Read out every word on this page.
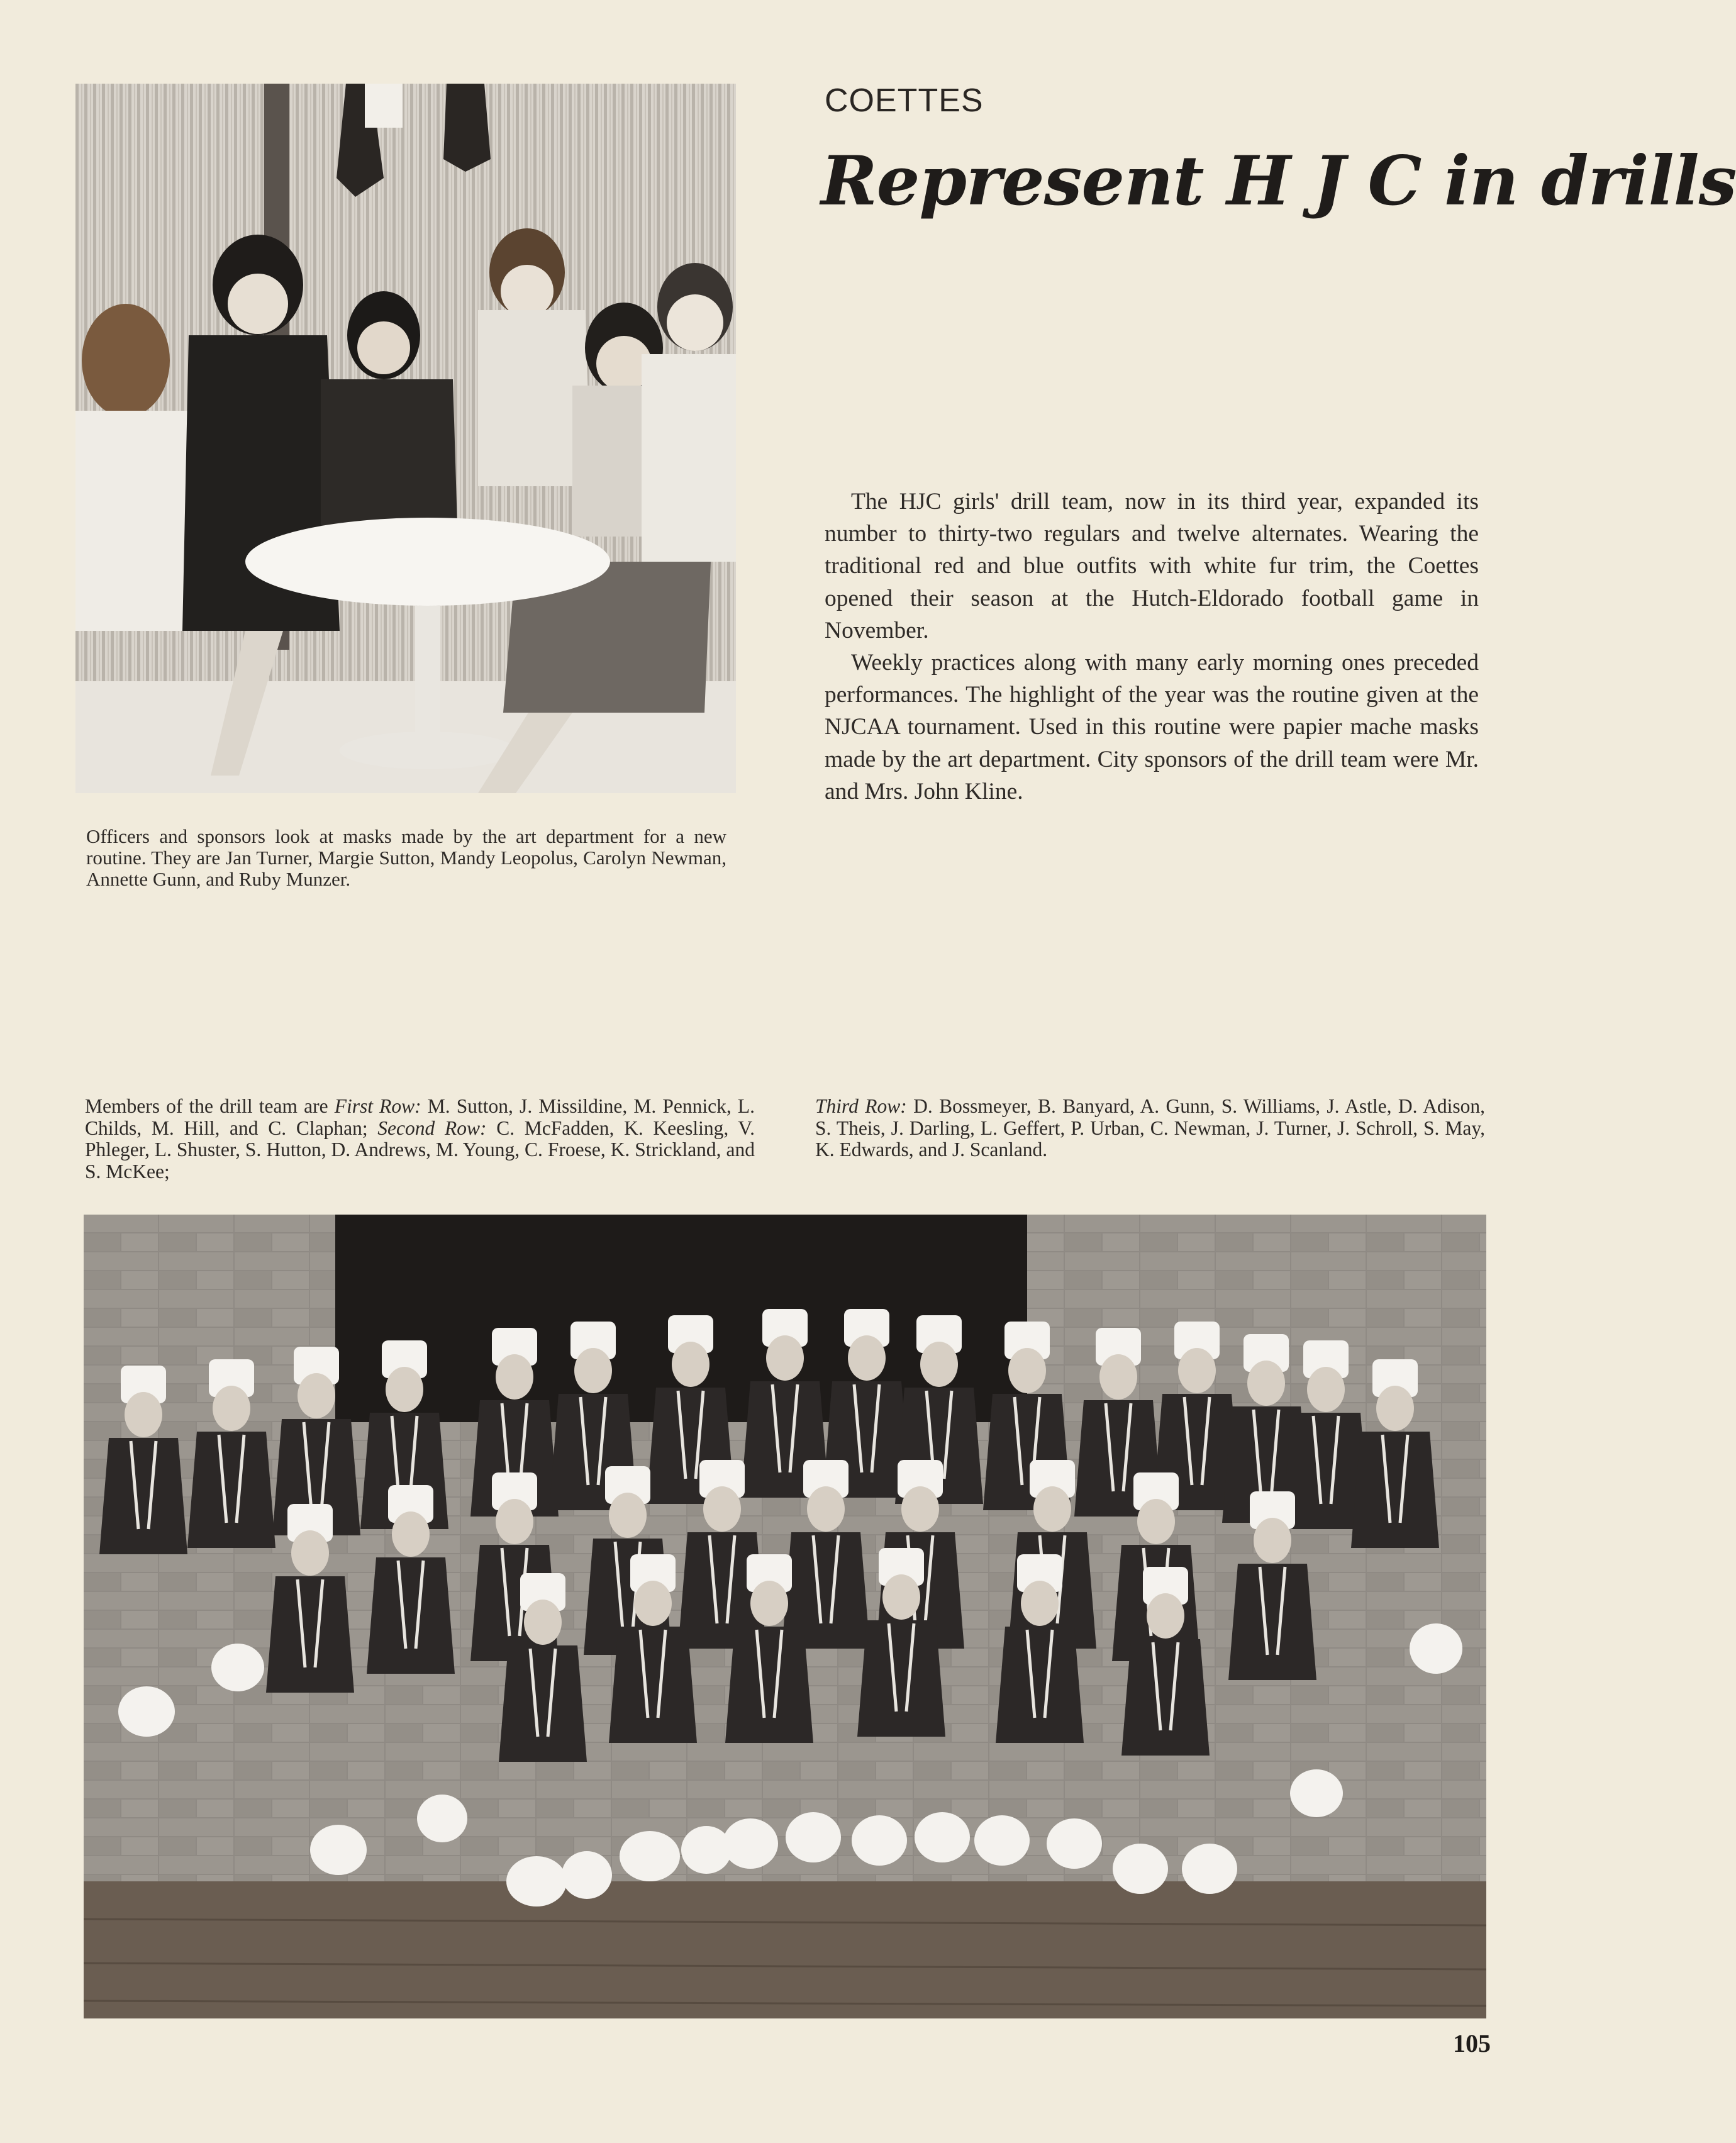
COETTES
Represent H J C in drills

The HJC girls' drill team, now in its third year, expanded its number to thirty-two regulars and twelve alternates. Wearing the traditional red and blue outfits with white fur trim, the Coettes opened their season at the Hutch-Eldorado football game in November.

Weekly practices along with many early morning ones preceded performances. The highlight of the year was the routine given at the NJCAA tournament. Used in this routine were papier mache masks made by the art department. City sponsors of the drill team were Mr. and Mrs. John Kline.

Officers and sponsors look at masks made by the art department for a new routine. They are Jan Turner, Margie Sutton, Mandy Leopolus, Carolyn Newman, Annette Gunn, and Ruby Munzer.
Members of the drill team are First Row: M. Sutton, J. Missildine, M. Pennick, L. Childs, M. Hill, and C. Claphan; Second Row: C. McFadden, K. Keesling, V. Phleger, L. Shuster, S. Hutton, D. Andrews, M. Young, C. Froese, K. Strickland, and S. McKee;
Third Row: D. Bossmeyer, B. Banyard, A. Gunn, S. Williams, J. Astle, D. Adison, S. Theis, J. Darling, L. Geffert, P. Urban, C. Newman, J. Turner, J. Schroll, S. May, K. Edwards, and J. Scanland.
105
